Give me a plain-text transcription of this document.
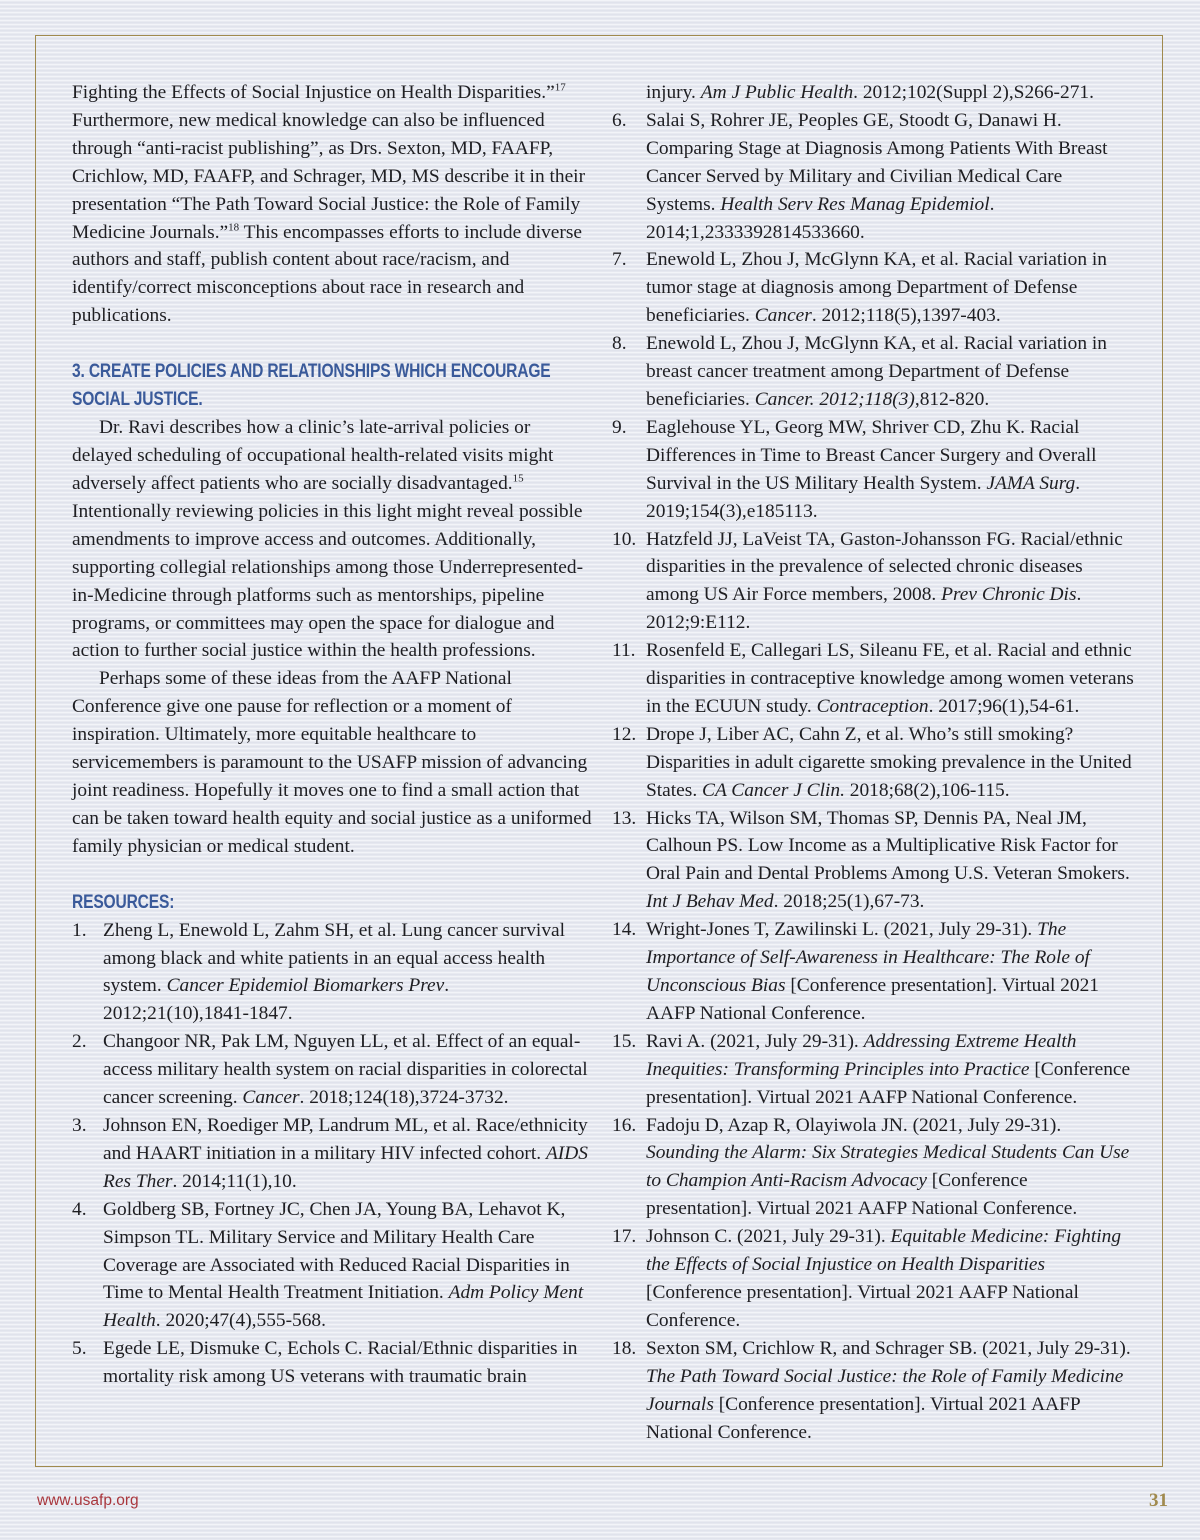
Fighting the Effects of Social Injustice on Health Disparities.”$^{17}$ Furthermore, new medical knowledge can also be influenced through “anti-racist publishing”, as Drs. Sexton, MD, FAAFP, Crichlow, MD, FAAFP, and Schrager, MD, MS describe it in their presentation “The Path Toward Social Justice: the Role of Family Medicine Journals.”$^{18}$ This encompasses efforts to include diverse authors and staff, publish content about race/racism, and identify/correct misconceptions about race in research and publications.

3. CREATE POLICIES AND RELATIONSHIPS WHICH ENCOURAGE SOCIAL JUSTICE.

Dr. Ravi describes how a clinic’s late-arrival policies or delayed scheduling of occupational health-related visits might adversely affect patients who are socially disadvantaged.$^{15}$ Intentionally reviewing policies in this light might reveal possible amendments to improve access and outcomes. Additionally, supporting collegial relationships among those Underrepresented-in-Medicine through platforms such as mentorships, pipeline programs, or committees may open the space for dialogue and action to further social justice within the health professions.

Perhaps some of these ideas from the AAFP National Conference give one pause for reflection or a moment of inspiration. Ultimately, more equitable healthcare to servicemembers is paramount to the USAFP mission of advancing joint readiness. Hopefully it moves one to find a small action that can be taken toward health equity and social justice as a uniformed family physician or medical student.

RESOURCES:
1. Zheng L, Enewold L, Zahm SH, et al. Lung cancer survival among black and white patients in an equal access health system. Cancer Epidemiol Biomarkers Prev. 2012;21(10),1841-1847.
2. Changoor NR, Pak LM, Nguyen LL, et al. Effect of an equal-access military health system on racial disparities in colorectal cancer screening. Cancer. 2018;124(18),3724-3732.
3. Johnson EN, Roediger MP, Landrum ML, et al. Race/ethnicity and HAART initiation in a military HIV infected cohort. AIDS Res Ther. 2014;11(1),10.
4. Goldberg SB, Fortney JC, Chen JA, Young BA, Lehavot K, Simpson TL. Military Service and Military Health Care Coverage are Associated with Reduced Racial Disparities in Time to Mental Health Treatment Initiation. Adm Policy Ment Health. 2020;47(4),555-568.
5. Egede LE, Dismuke C, Echols C. Racial/Ethnic disparities in mortality risk among US veterans with traumatic brain

injury. Am J Public Health. 2012;102(Suppl 2),S266-271.

6.	Salai S, Rohrer JE, Peoples GE, Stoodt G, Danawi H. Comparing Stage at Diagnosis Among Patients With Breast Cancer Served by Military and Civilian Medical Care Systems. Health Serv Res Manag Epidemiol. 2014;1,2333392814533660.
7.	Enewold L, Zhou J, McGlynn KA, et al. Racial variation in tumor stage at diagnosis among Department of Defense beneficiaries. Cancer. 2012;118(5),1397-403.
8.	Enewold L, Zhou J, McGlynn KA, et al. Racial variation in breast cancer treatment among Department of Defense beneficiaries. Cancer. 2012;118(3),812-820.
9.	Eaglehouse YL, Georg MW, Shriver CD, Zhu K. Racial Differences in Time to Breast Cancer Surgery and Overall Survival in the US Military Health System. JAMA Surg. 2019;154(3),e185113.
10. Hatzfeld JJ, LaVeist TA, Gaston-Johansson FG. Racial/ethnic disparities in the prevalence of selected chronic diseases among US Air Force members, 2008. Prev Chronic Dis. 2012;9:E112.
11. Rosenfeld E, Callegari LS, Sileanu FE, et al. Racial and ethnic disparities in contraceptive knowledge among women veterans in the ECUUN study. Contraception. 2017;96(1),54-61.
12. Drope J, Liber AC, Cahn Z, et al. Who’s still smoking? Disparities in adult cigarette smoking prevalence in the United States. CA Cancer J Clin. 2018;68(2),106-115.
13. Hicks TA, Wilson SM, Thomas SP, Dennis PA, Neal JM, Calhoun PS. Low Income as a Multiplicative Risk Factor for Oral Pain and Dental Problems Among U.S. Veteran Smokers. Int J Behav Med. 2018;25(1),67-73.
14. Wright-Jones T, Zawilinski L. (2021, July 29-31). The Importance of Self-Awareness in Healthcare: The Role of Unconscious Bias [Conference presentation]. Virtual 2021 AAFP National Conference.
15. Ravi A. (2021, July 29-31). Addressing Extreme Health Inequities: Transforming Principles into Practice [Conference presentation]. Virtual 2021 AAFP National Conference.
16. Fadoju D, Azap R, Olayiwola JN. (2021, July 29-31). Sounding the Alarm: Six Strategies Medical Students Can Use to Champion Anti-Racism Advocacy [Conference presentation]. Virtual 2021 AAFP National Conference.
17. Johnson C. (2021, July 29-31). Equitable Medicine: Fighting the Effects of Social Injustice on Health Disparities [Conference presentation]. Virtual 2021 AAFP National Conference.
18. Sexton SM, Crichlow R, and Schrager SB. (2021, July 29-31). The Path Toward Social Justice: the Role of Family Medicine Journals [Conference presentation]. Virtual 2021 AAFP National Conference.
www.usafp.org	31
